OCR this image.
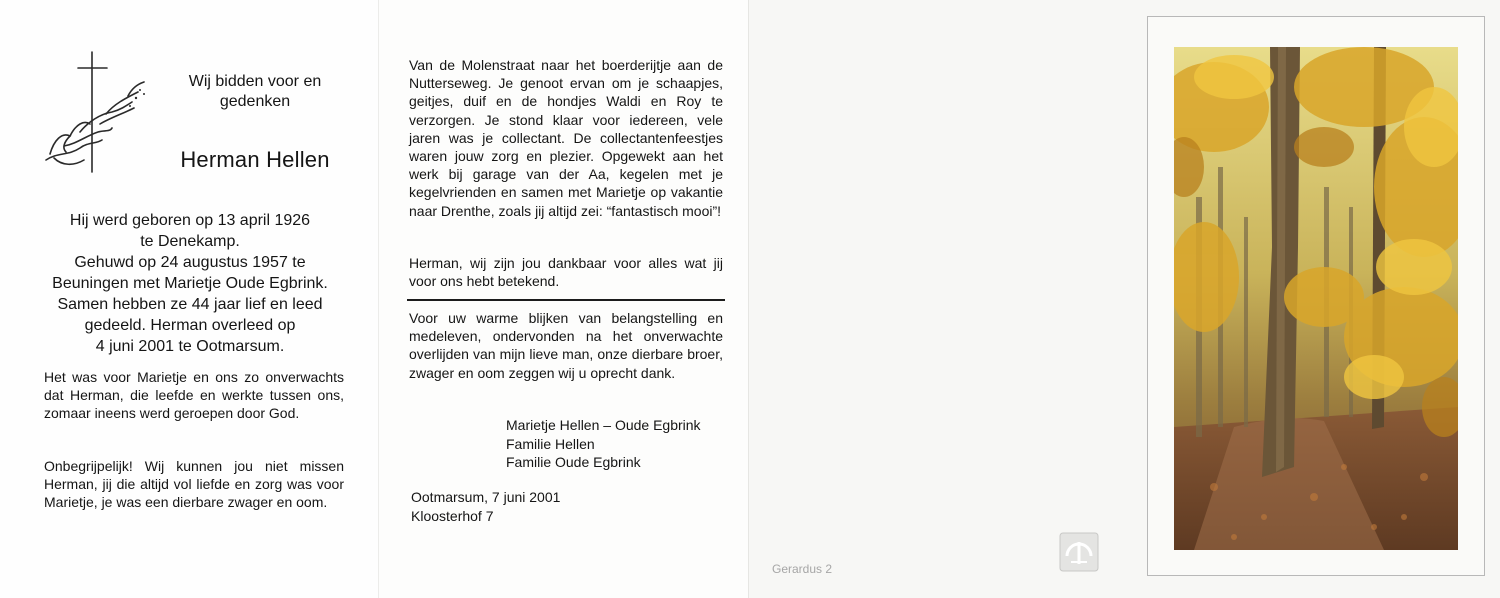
Wij bidden voor en
gedenken
Herman Hellen
Hij werd geboren op 13 april 1926
te Denekamp.
Gehuwd op 24 augustus 1957 te
Beuningen met Marietje Oude Egbrink.
Samen hebben ze 44 jaar lief en leed
gedeeld. Herman overleed op
4 juni 2001 te Ootmarsum.
Het was voor Marietje en ons zo onverwachts dat Herman, die leefde en werkte tussen ons, zomaar ineens werd geroepen door God.
Onbegrijpelijk! Wij kunnen jou niet missen Herman, jij die altijd vol liefde en zorg was voor Marietje, je was een dierbare zwager en oom.
Van de Molenstraat naar het boerderijtje aan de Nutterseweg. Je genoot ervan om je schaapjes, geitjes, duif en de hondjes Waldi en Roy te verzorgen. Je stond klaar voor iedereen, vele jaren was je collectant. De collectantenfeestjes waren jouw zorg en plezier. Opgewekt aan het werk bij garage van der Aa, kegelen met je kegelvrienden en samen met Marietje op vakantie naar Drenthe, zoals jij altijd zei: “fantastisch mooi”!
Herman, wij zijn jou dankbaar voor alles wat jij voor ons hebt betekend.
Voor uw warme blijken van belangstelling en medeleven, ondervonden na het onverwachte overlijden van mijn lieve man, onze dierbare broer, zwager en oom zeggen wij u oprecht dank.
Marietje Hellen – Oude Egbrink
Familie Hellen
Familie Oude Egbrink
Ootmarsum, 7 juni 2001
Kloosterhof 7
Gerardus 2
